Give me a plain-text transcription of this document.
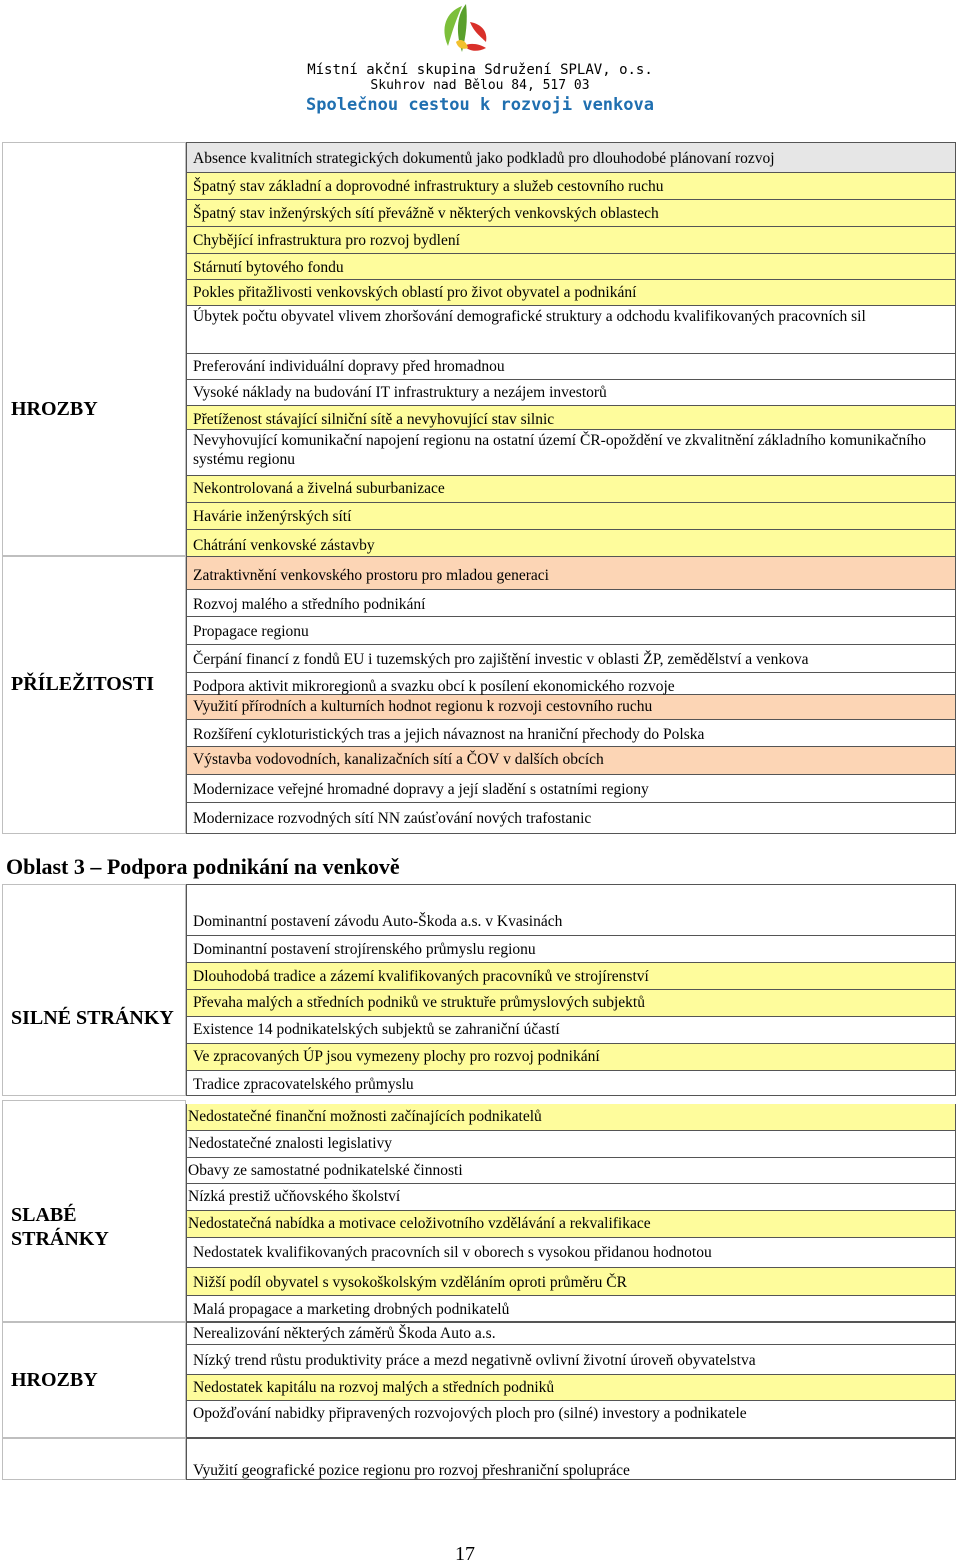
Místní akční skupina Sdružení SPLAV, o.s.
Skuhrov nad Bělou 84, 517 03
Společnou cestou k rozvoji venkova
HROZBY
Absence kvalitních strategických dokumentů jako podkladů pro dlouhodobé plánovaní rozvoj
Špatný stav základní a doprovodné infrastruktury a služeb cestovního ruchu
Špatný stav inženýrských sítí převážně v některých venkovských oblastech
Chybějící infrastruktura pro rozvoj bydlení
Stárnutí bytového fondu
Pokles přitažlivosti venkovských oblastí pro život obyvatel a podnikání
Úbytek počtu obyvatel vlivem zhoršování demografické struktury a odchodu kvalifikovaných pracovních sil
Preferování individuální dopravy před hromadnou
Vysoké náklady na budování IT infrastruktury a nezájem investorů
Přetíženost stávající silniční sítě a nevyhovující stav silnic
Nevyhovující komunikační napojení regionu na ostatní území ČR-opoždění ve zkvalitnění základního komunikačního systému regionu
Nekontrolovaná a živelná suburbanizace
Havárie inženýrských sítí
Chátrání venkovské zástavby
PŘÍLEŽITOSTI
Zatraktivnění venkovského prostoru pro mladou generaci
Rozvoj malého a středního podnikání
Propagace regionu
Čerpání financí z fondů EU i tuzemských pro zajištění investic v oblasti ŽP, zemědělství a venkova
Podpora aktivit mikroregionů a svazku obcí k posílení ekonomického rozvoje
Využití přírodních a kulturních hodnot regionu k rozvoji cestovního ruchu
Rozšíření cykloturistických tras a jejich návaznost na hraniční přechody do Polska
Výstavba vodovodních, kanalizačních sítí a ČOV v dalších obcích
Modernizace veřejné hromadné dopravy a její sladění s ostatními regiony
Modernizace rozvodných sítí NN zaúsťování nových trafostanic
Oblast 3 – Podpora podnikání na venkově
SILNÉ STRÁNKY
Dominantní postavení závodu Auto-Škoda a.s. v Kvasinách
Dominantní postavení strojírenského průmyslu regionu
Dlouhodobá tradice a zázemí kvalifikovaných pracovníků ve strojírenství
Převaha malých a středních podniků ve struktuře průmyslových subjektů
Existence 14 podnikatelských subjektů se zahraniční účastí
Ve zpracovaných ÚP jsou vymezeny plochy pro rozvoj podnikání
Tradice zpracovatelského průmyslu
SLABÉ STRÁNKY
Nedostatečné finanční možnosti začínajících podnikatelů
Nedostatečné znalosti legislativy
Obavy ze samostatné podnikatelské činnosti
Nízká prestiž učňovského školství
Nedostatečná nabídka a motivace celoživotního vzdělávání a rekvalifikace
Nedostatek kvalifikovaných pracovních sil v oborech s vysokou přidanou hodnotou
Nižší podíl obyvatel s vysokoškolským vzděláním oproti průměru ČR
Malá propagace a marketing drobných podnikatelů
HROZBY
Nerealizování některých záměrů Škoda Auto a.s.
Nízký trend růstu produktivity práce a mezd negativně ovlivní životní úroveň obyvatelstva
Nedostatek kapitálu na rozvoj malých a středních podniků
Opožďování nabidky připravených rozvojových ploch pro (silné) investory a podnikatele
Využití geografické pozice regionu pro rozvoj přeshraniční spolupráce
17
